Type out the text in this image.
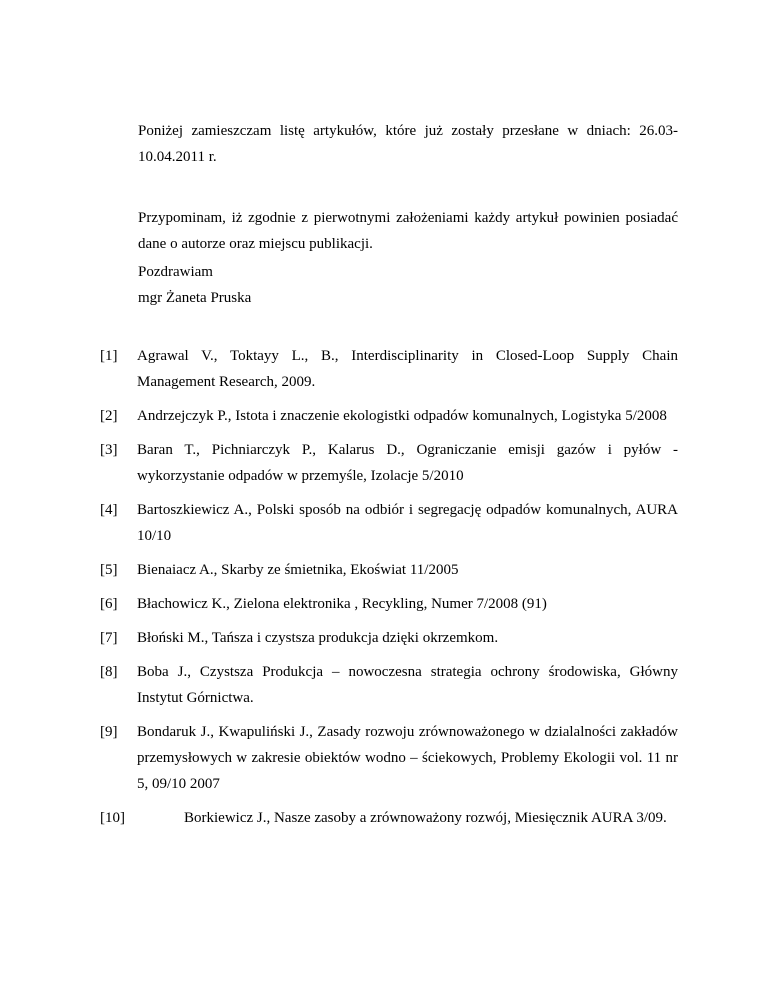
Poniżej zamieszczam listę artykułów, które już zostały przesłane w dniach: 26.03-10.04.2011 r.
Przypominam, iż zgodnie z pierwotnymi założeniami każdy artykuł powinien posiadać dane o autorze oraz miejscu publikacji.
Pozdrawiam
mgr Żaneta Pruska
[1]	Agrawal V., Toktayy L., B., Interdisciplinarity in Closed-Loop Supply Chain Management Research, 2009.
[2]	Andrzejczyk P., Istota i znaczenie ekologistki odpadów komunalnych, Logistyka 5/2008
[3]	Baran T., Pichniarczyk P., Kalarus D., Ograniczanie emisji gazów i pyłów - wykorzystanie odpadów w przemyśle, Izolacje 5/2010
[4]	Bartoszkiewicz A., Polski sposób na odbiór i segregację odpadów komunalnych, AURA 10/10
[5]	Bienaiacz A., Skarby ze śmietnika, Ekoświat 11/2005
[6]	Błachowicz K., Zielona elektronika , Recykling, Numer 7/2008 (91)
[7]	Błoński M., Tańsza i czystsza produkcja dzięki okrzemkom.
[8]	Boba J., Czystsza Produkcja – nowoczesna strategia ochrony środowiska, Główny Instytut Górnictwa.
[9]	Bondaruk J., Kwapuliński J., Zasady rozwoju zrównoważonego w dzialalności zakładów przemysłowych w zakresie obiektów wodno – ściekowych, Problemy Ekologii vol. 11 nr 5, 09/10 2007
[10]	Borkiewicz J., Nasze zasoby a zrównoważony rozwój, Miesięcznik AURA 3/09.
